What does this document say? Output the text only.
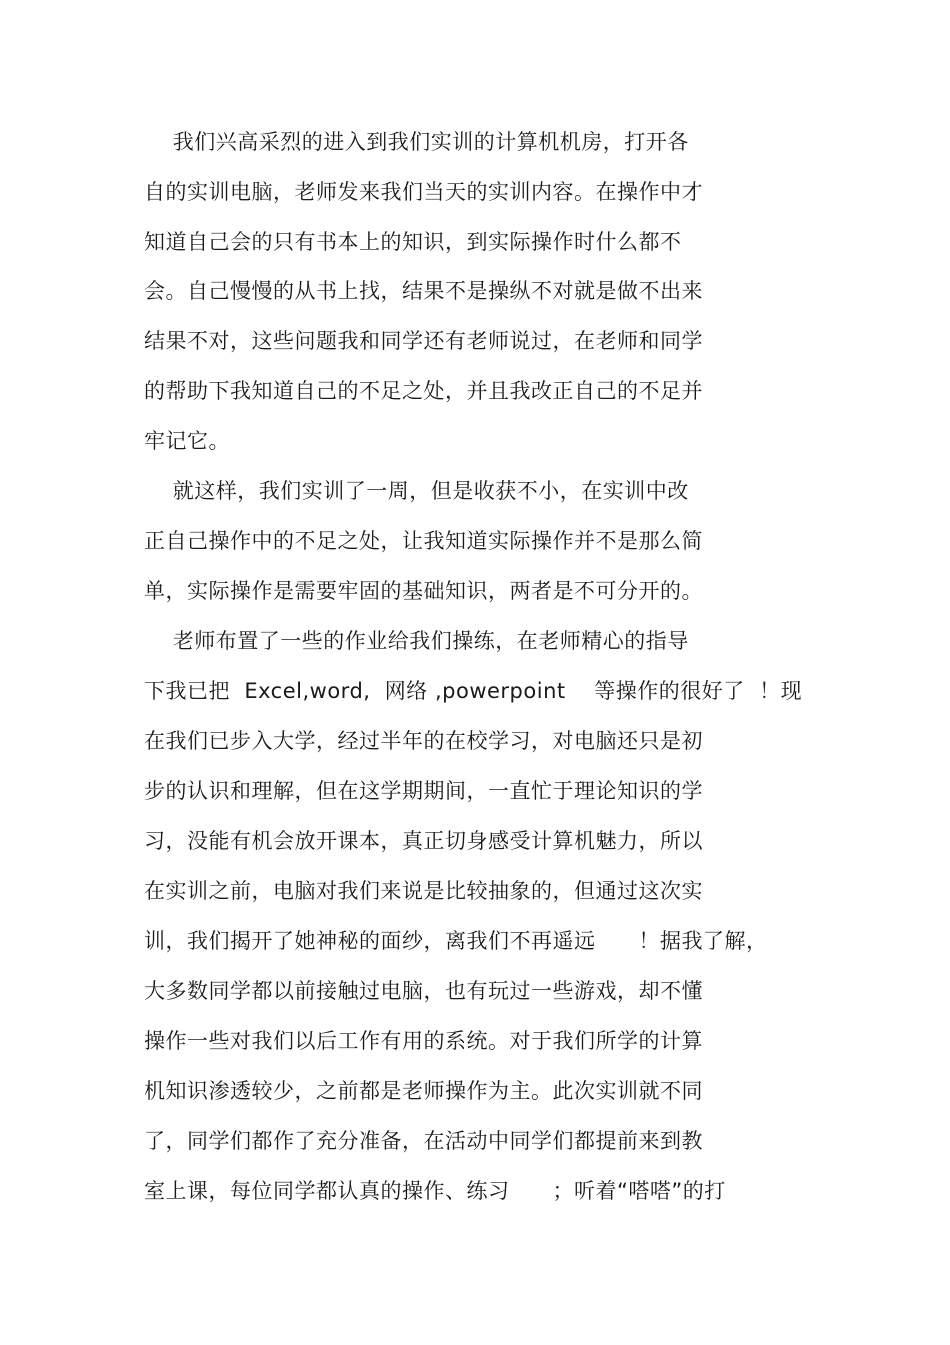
我们兴高采烈的进入到我们实训的计算机机房，打开各
自的实训电脑，老师发来我们当天的实训内容。在操作中才
知道自己会的只有书本上的知识，到实际操作时什么都不
会。自己慢慢的从书上找，结果不是操纵不对就是做不出来
结果不对，这些问题我和同学还有老师说过，在老师和同学
的帮助下我知道自己的不足之处，并且我改正自己的不足并
牢记它。
就这样，我们实训了一周，但是收获不小，在实训中改
正自己操作中的不足之处，让我知道实际操作并不是那么简
单，实际操作是需要牢固的基础知识，两者是不可分开的。
老师布置了一些的作业给我们操练，在老师精心的指导
下我已把  Excel,word,  网络 ,powerpoint    等操作的很好了  ！现
在我们已步入大学，经过半年的在校学习，对电脑还只是初
步的认识和理解，但在这学期期间，一直忙于理论知识的学
习，没能有机会放开课本，真正切身感受计算机魅力，所以
在实训之前，电脑对我们来说是比较抽象的，但通过这次实
训，我们揭开了她神秘的面纱，离我们不再遥远      ！据我了解，
大多数同学都以前接触过电脑，也有玩过一些游戏，却不懂
操作一些对我们以后工作有用的系统。对于我们所学的计算
机知识渗透较少，之前都是老师操作为主。此次实训就不同
了，同学们都作了充分准备，在活动中同学们都提前来到教
室上课，每位同学都认真的操作、练习      ；听着“嗒嗒”的打
